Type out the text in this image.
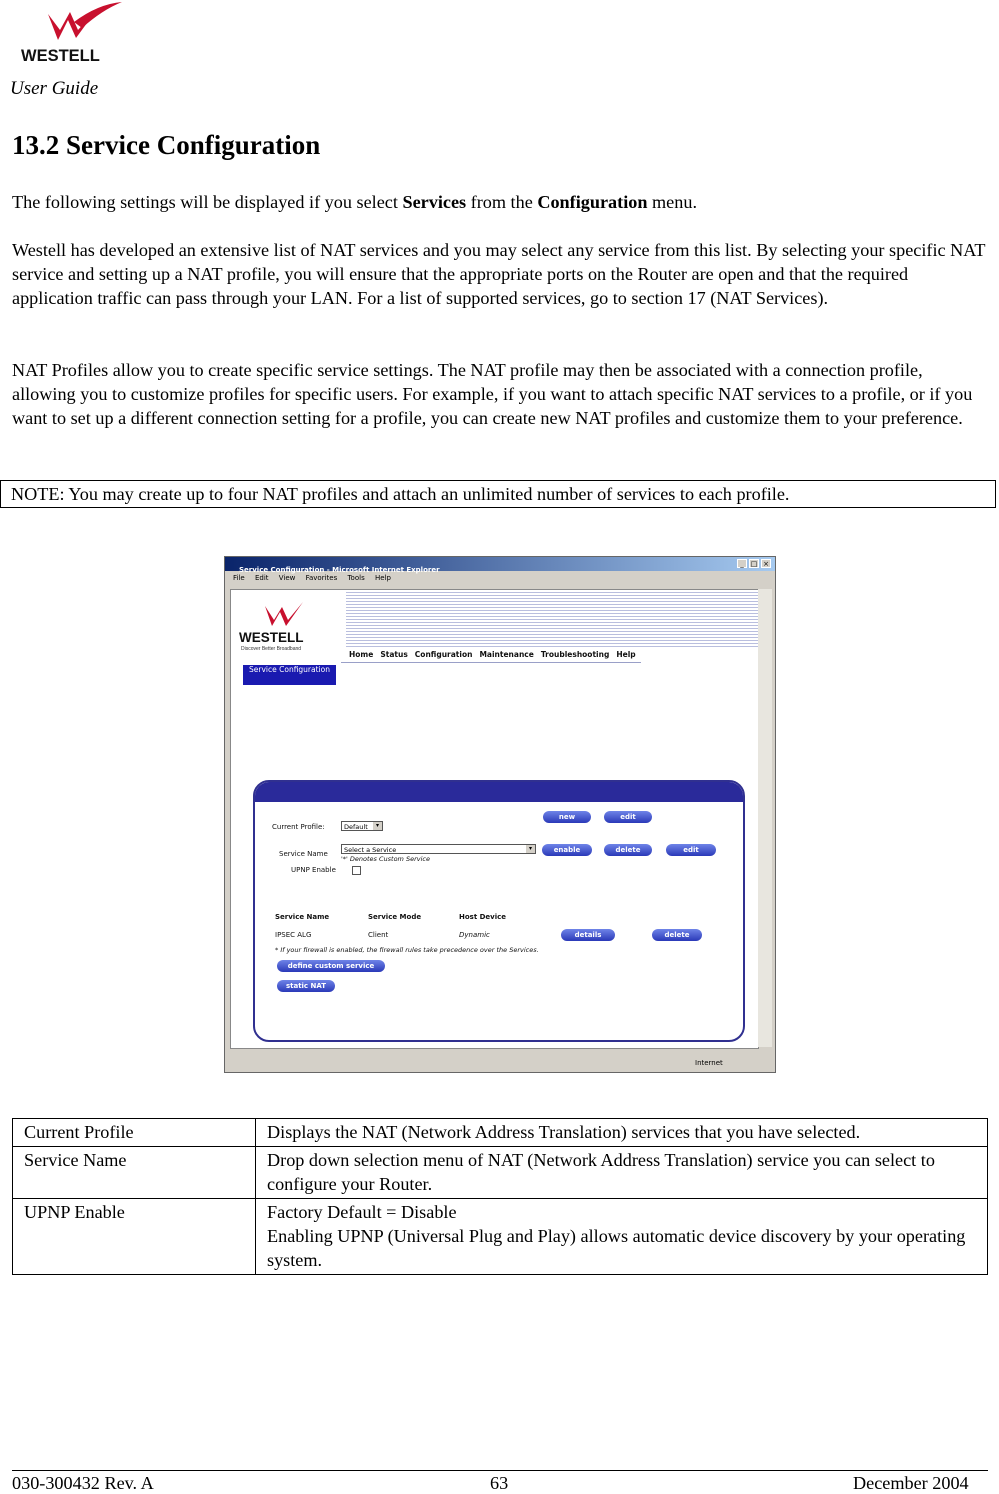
WESTELL
User Guide
13.2 Service Configuration

The following settings will be displayed if you select Services from the Configuration menu.

Westell has developed an extensive list of NAT services and you may select any service from this list. By selecting your specific NAT service and setting up a NAT profile, you will ensure that the appropriate ports on the Router are open and that the required application traffic can pass through your LAN. For a list of supported services, go to section 17 (NAT Services).

NAT Profiles allow you to create specific service settings. The NAT profile may then be associated with a connection profile, allowing you to customize profiles for specific users. For example, if you want to attach specific NAT services to a profile, or if you want to set up a different connection setting for a profile, you can create new NAT profiles and customize them to your preference.

NOTE: You may create up to four NAT profiles and attach an unlimited number of services to each profile.
Service Configuration - Microsoft Internet Explorer
_ □ ×
File Edit View Favorites Tools Help
WESTELL
Discover Better Broadband
Home Status Configuration Maintenance Troubleshooting Help
Service Configuration
Current Profile:	Default	▾
new	edit
Service Name	Select a Service	▾
'*' Denotes Custom Service
enable	delete	edit
UPNP Enable
Service Name	Service Mode	Host Device
IPSEC ALG	Client	Dynamic	details	delete
* If your firewall is enabled, the firewall rules take precedence over the Services.
define custom service
static NAT
Internet
Current Profile	Displays the NAT (Network Address Translation) services that you have selected.
Service Name	Drop down selection menu of NAT (Network Address Translation) service you can select to configure your Router.
UPNP Enable	Factory Default = Disable
Enabling UPNP (Universal Plug and Play) allows automatic device discovery by your operating system.
030-300432 Rev. A	63	December 2004
